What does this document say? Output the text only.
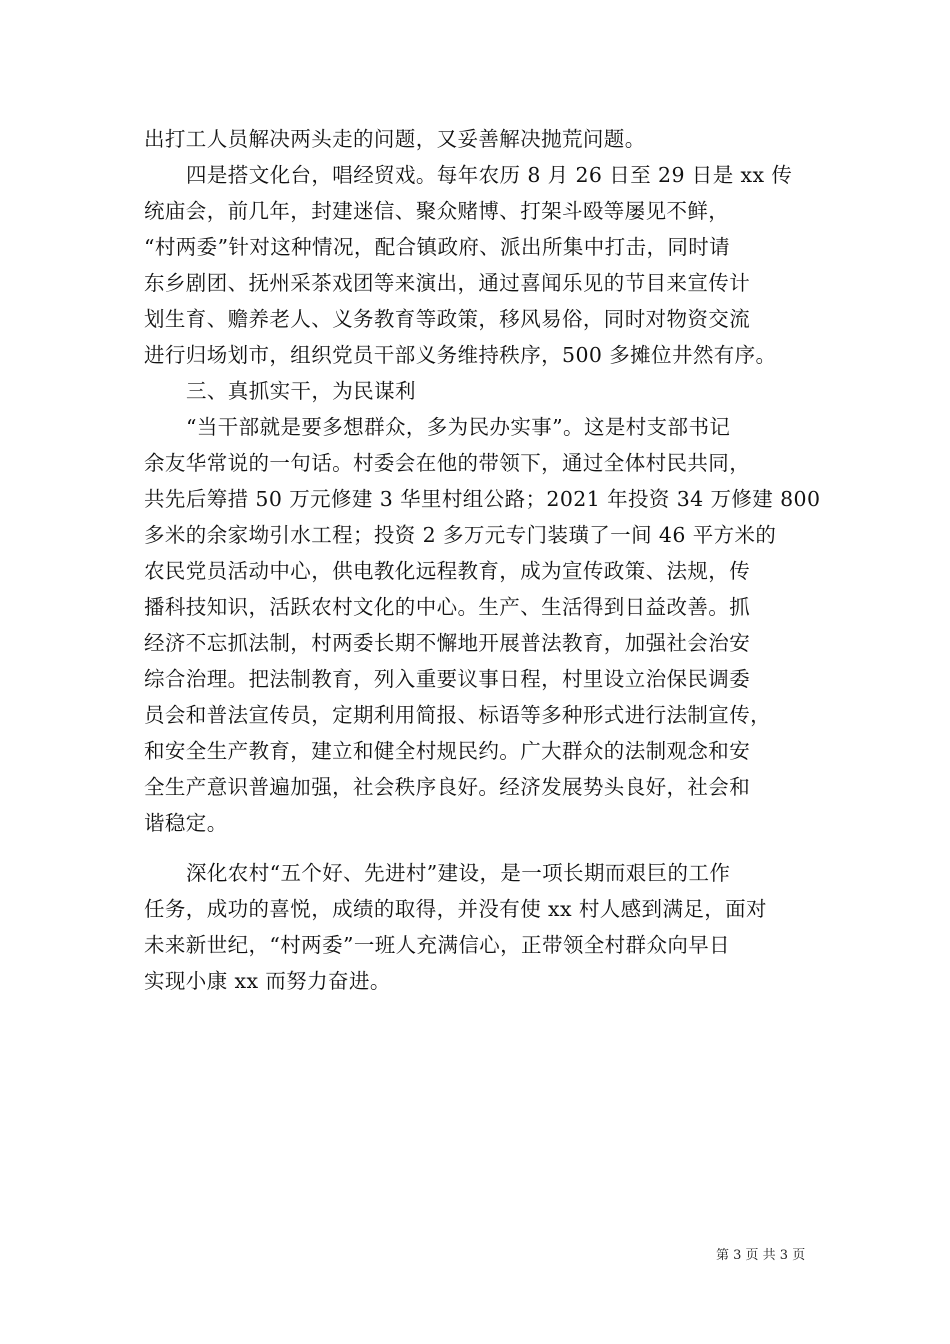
出打工人员解决两头走的问题，又妥善解决抛荒问题。
四是搭文化台，唱经贸戏。每年农历 8 月 26 日至 29 日是 xx 传
统庙会，前几年，封建迷信、聚众赌博、打架斗殴等屡见不鲜，
“村两委”针对这种情况，配合镇政府、派出所集中打击，同时请
东乡剧团、抚州采茶戏团等来演出，通过喜闻乐见的节目来宣传计
划生育、赡养老人、义务教育等政策，移风易俗，同时对物资交流
进行归场划市，组织党员干部义务维持秩序，500 多摊位井然有序。
三、真抓实干，为民谋利
“当干部就是要多想群众，多为民办实事”。这是村支部书记
余友华常说的一句话。村委会在他的带领下，通过全体村民共同，
共先后筹措 50 万元修建 3 华里村组公路；2021 年投资 34 万修建 800
多米的余家坳引水工程；投资 2 多万元专门装璜了一间 46 平方米的
农民党员活动中心，供电教化远程教育，成为宣传政策、法规，传
播科技知识，活跃农村文化的中心。生产、生活得到日益改善。抓
经济不忘抓法制，村两委长期不懈地开展普法教育，加强社会治安
综合治理。把法制教育，列入重要议事日程，村里设立治保民调委
员会和普法宣传员，定期利用简报、标语等多种形式进行法制宣传，
和安全生产教育，建立和健全村规民约。广大群众的法制观念和安
全生产意识普遍加强，社会秩序良好。经济发展势头良好，社会和
谐稳定。
深化农村“五个好、先进村”建设，是一项长期而艰巨的工作
任务，成功的喜悦，成绩的取得，并没有使 xx 村人感到满足，面对
未来新世纪，“村两委”一班人充满信心，正带领全村群众向早日
实现小康 xx 而努力奋进。
第 3 页 共 3 页
